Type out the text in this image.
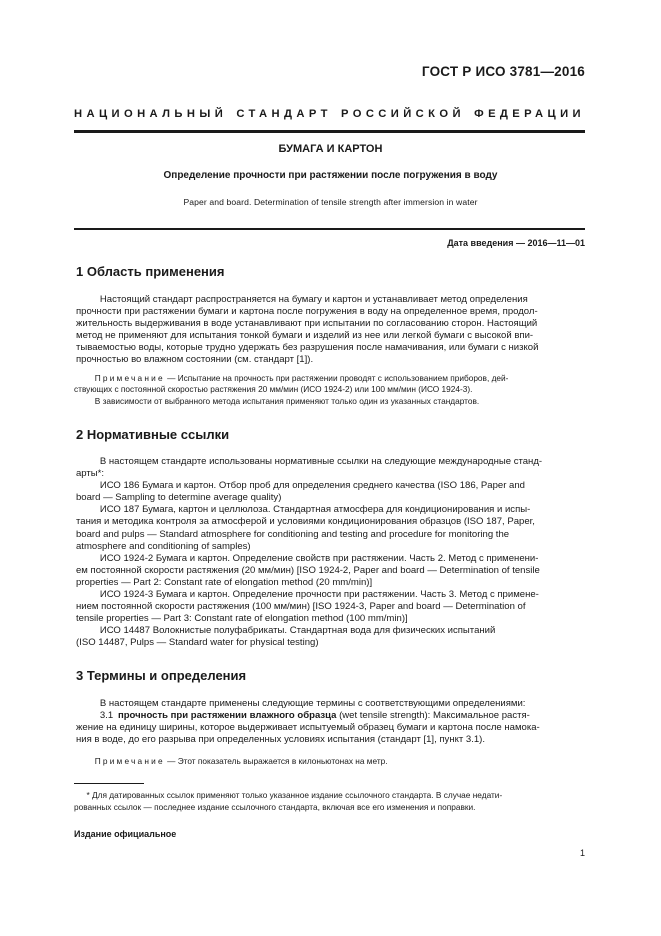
ГОСТ Р ИСО 3781—2016
НАЦИОНАЛЬНЫЙ СТАНДАРТ РОССИЙСКОЙ ФЕДЕРАЦИИ
БУМАГА И КАРТОН
Определение прочности при растяжении после погружения в воду
Paper and board. Determination of tensile strength after immersion in water
Дата введения — 2016—11—01
1 Область применения
   Настоящий стандарт распространяется на бумагу и картон и устанавливает метод определения
прочности при растяжении бумаги и картона после погружения в воду на определенное время, продол-
жительность выдерживания в воде устанавливают при испытании по согласованию сторон. Настоящий
метод не применяют для испытания тонкой бумаги и изделий из нее или легкой бумаги с высокой впи-
тываемостью воды, которые трудно удержать без разрушения после намачивания, или бумаги с низкой
прочностью во влажном состоянии (см. стандарт [1]).
   Примечание — Испытание на прочность при растяжении проводят с использованием приборов, дей-
ствующих с постоянной скоростью растяжения 20 мм/мин (ИСО 1924-2) или 100 мм/мин (ИСО 1924-3).
   В зависимости от выбранного метода испытания применяют только один из указанных стандартов.
2 Нормативные ссылки
   В настоящем стандарте использованы нормативные ссылки на следующие международные станд-
арты*:
   ИСО 186 Бумага и картон. Отбор проб для определения среднего качества (ISO 186, Paper and
board — Sampling to determine average quality)
   ИСО 187 Бумага, картон и целлюлоза. Стандартная атмосфера для кондиционирования и испы-
тания и методика контроля за атмосферой и условиями кондиционирования образцов (ISO 187, Paper,
board and pulps — Standard atmosphere for conditioning and testing and procedure for monitoring the
atmosphere and conditioning of samples)
   ИСО 1924-2 Бумага и картон. Определение свойств при растяжении. Часть 2. Метод с применени-
ем постоянной скорости растяжения (20 мм/мин) [ISO 1924-2, Paper and board — Determination of tensile
properties — Part 2: Constant rate of elongation method (20 mm/min)]
   ИСО 1924-3 Бумага и картон. Определение прочности при растяжении. Часть 3. Метод с примене-
нием постоянной скорости растяжения (100 мм/мин) [ISO 1924-3, Paper and board — Determination of
tensile properties — Part 3: Constant rate of elongation method (100 mm/min)]
   ИСО 14487 Волокнистые полуфабрикаты. Стандартная вода для физических испытаний
(ISO 14487, Pulps — Standard water for physical testing)
3 Термины и определения
   В настоящем стандарте применены следующие термины с соответствующими определениями:
   3.1  прочность при растяжении влажного образца (wet tensile strength): Максимальное растя-
жение на единицу ширины, которое выдерживает испытуемый образец бумаги и картона после намока-
ния в воде, до его разрыва при определенных условиях испытания (стандарт [1], пункт 3.1).
   Примечание — Этот показатель выражается в килоньютонах на метр.
  * Для датированных ссылок применяют только указанное издание ссылочного стандарта. В случае недати-
рованных ссылок — последнее издание ссылочного стандарта, включая все его изменения и поправки.
Издание официальное
1
